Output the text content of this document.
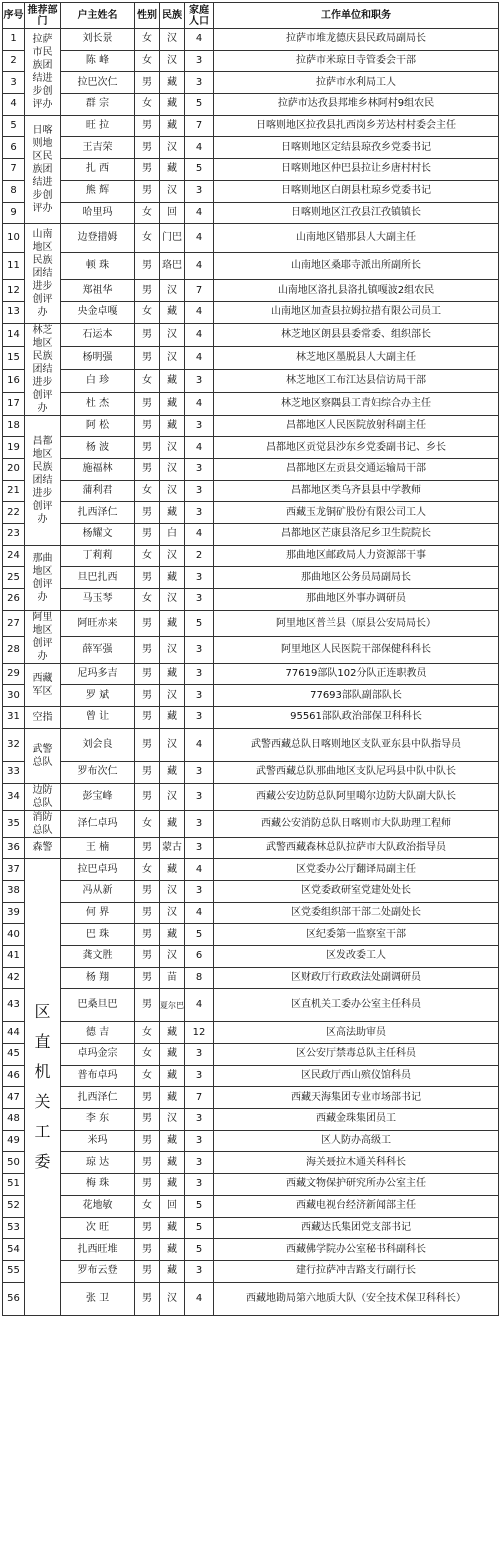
序号	推荐部门	户主姓名	性别	民族	家庭人口	工作单位和职务
1	拉萨市民族团结进步创评办	刘长景	女	汉	4	拉萨市堆龙德庆县民政局副局长
2		陈 峰	女	汉	3	拉萨市米琼日寺管委会干部
3		拉巴次仁	男	藏	3	拉萨市水利局工人
4		群 宗	女	藏	5	拉萨市达孜县邦堆乡林阿村9组农民
5	日喀则地区民族团结进步创评办	旺 拉	男	藏	7	日喀则地区拉孜县扎西岗乡芳达村村委会主任
6		王吉荣	男	汉	4	日喀则地区定结县琼孜乡党委书记
7		扎 西	男	藏	5	日喀则地区仲巴县拉让乡唐村村长
8		熊 辉	男	汉	3	日喀则地区白朗县杜琼乡党委书记
9		哈里玛	女	回	4	日喀则地区江孜县江孜镇镇长
10	山南地区民族团结进步创评办	边登措姆	女	门巴	4	山南地区错那县人大副主任
11		顿 珠	男	珞巴	4	山南地区桑耶寺派出所副所长
12		郑祖华	男	汉	7	山南地区洛扎县洛扎镇嘎波2组农民
13		央金卓嘎	女	藏	4	山南地区加查县拉姆拉措有限公司员工
14	林芝地区民族团结进步创评办	石运本	男	汉	4	林芝地区朗县县委常委、组织部长
15		杨明强	男	汉	4	林芝地区墨脱县人大副主任
16		白 珍	女	藏	3	林芝地区工布江达县信访局干部
17		杜 杰	男	藏	4	林芝地区察隅县工青妇综合办主任
18	昌都地区民族团结进步创评办	阿 松	男	藏	3	昌都地区人民医院放射科副主任
19		杨 波	男	汉	4	昌都地区贡觉县沙东乡党委副书记、乡长
20		施福林	男	汉	3	昌都地区左贡县交通运输局干部
21		蒲利君	女	汉	3	昌都地区类乌齐县县中学教师
22		扎西泽仁	男	藏	3	西藏玉龙铜矿股份有限公司工人
23		杨耀文	男	白	4	昌都地区芒康县洛尼乡卫生院院长
24	那曲地区创评办	丁莉莉	女	汉	2	那曲地区邮政局人力资源部干事
25		旦巴扎西	男	藏	3	那曲地区公务员局副局长
26		马玉琴	女	汉	3	那曲地区外事办调研员
27	阿里地区创评办	阿旺赤来	男	藏	5	阿里地区普兰县（原县公安局局长）
28		薛军强	男	汉	3	阿里地区人民医院干部保健科科长
29	西藏军区	尼玛多吉	男	藏	3	77619部队102分队正连职教员
30		罗 斌	男	汉	3	77693部队副部队长
31	空指	曾 让	男	藏	3	95561部队政治部保卫科科长
32	武警总队	刘会良	男	汉	4	武警西藏总队日喀则地区支队亚东县中队指导员
33		罗布次仁	男	藏	3	武警西藏总队那曲地区支队尼玛县中队中队长
34	边防总队	彭宝峰	男	汉	3	西藏公安边防总队阿里噶尔边防大队副大队长
35	消防总队	泽仁卓玛	女	藏	3	西藏公安消防总队日喀则市大队助理工程师
36	森警	王 楠	男	蒙古	3	武警西藏森林总队拉萨市大队政治指导员
37	区直机关工委	拉巴卓玛	女	藏	4	区党委办公厅翻译局副主任
38		冯从新	男	汉	3	区党委政研室党建处处长
39		何 界	男	汉	4	区党委组织部干部二处副处长
40		巴 珠	男	藏	5	区纪委第一监察室干部
41		龚文胜	男	汉	6	区发改委工人
42		杨 翔	男	苗	8	区财政厅行政政法处副调研员
43		巴桑旦巴	男	夏尔巴	4	区直机关工委办公室主任科员
44		德 吉	女	藏	12	区高法助审员
45		卓玛金宗	女	藏	3	区公安厅禁毒总队主任科员
46		普布卓玛	女	藏	3	区民政厅西山殡仪馆科员
47		扎西泽仁	男	藏	7	西藏天海集团专业市场部书记
48		李 东	男	汉	3	西藏金珠集团员工
49		米玛	男	藏	3	区人防办高级工
50		琼 达	男	藏	3	海关聂拉木通关科科长
51		梅 珠	男	藏	3	西藏文物保护研究所办公室主任
52		花地敏	女	回	5	西藏电视台经济新闻部主任
53		次 旺	男	藏	5	西藏达氏集团党支部书记
54		扎西旺堆	男	藏	5	西藏佛学院办公室秘书科副科长
55		罗布云登	男	藏	3	建行拉萨冲吉路支行副行长
56		张 卫	男	汉	4	西藏地勘局第六地质大队（安全技术保卫科科长）
